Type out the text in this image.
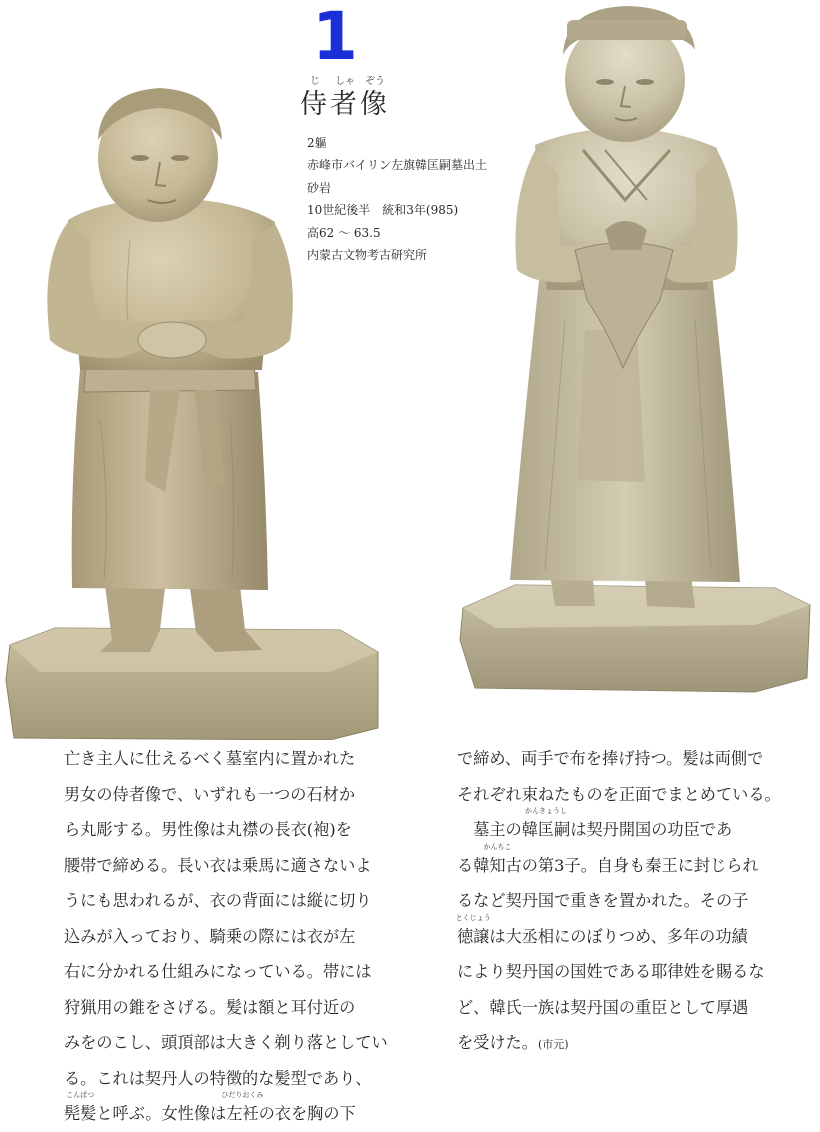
1
じ	しゃ	ぞう
侍者像
2軀
赤峰市バイリン左旗韓匡嗣墓出土
砂岩
10世紀後半　統和3年(985)
高62 ～ 63.5
内蒙古文物考古研究所

亡き主人に仕えるべく墓室内に置かれた

男女の侍者像で、いずれも一つの石材か

ら丸彫する。男性像は丸襟の長衣(袍)を

腰帯で締める。長い衣は乗馬に適さないよ

うにも思われるが、衣の背面には縦に切り

込みが入っており、騎乗の際には衣が左

右に分かれる仕組みになっている。帯には

狩猟用の錐をさげる。髪は額と耳付近の

みをのこし、頭頂部は大きく剃り落としてい

る。これは契丹人の特徴的な髪型であり、

こんぱつ
髡髪と呼ぶ。女性像は
ひだりおくみ
左衽の衣を胸の下

で締め、両手で布を捧げ持つ。髪は両側で

それぞれ束ねたものを正面でまとめている。

　墓主の
かんきょうし
韓匡嗣は契丹開国の功臣であ

る
かんちこ
韓知古の第3子。自身も秦王に封じられ

るなど契丹国で重きを置かれた。その子

とくじょう
徳譲は大丞相にのぼりつめ、多年の功績

により契丹国の国姓である耶律姓を賜るな

ど、韓氏一族は契丹国の重臣として厚遇

を受けた。(市元)
